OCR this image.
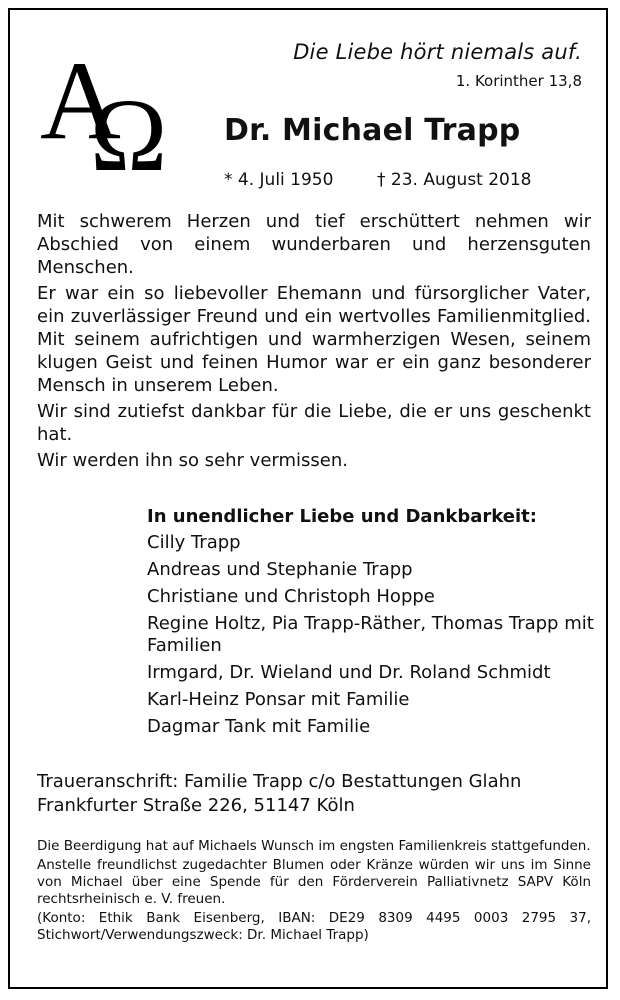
A
Ω
Die Liebe hört niemals auf.
1. Korinther 13,8
Dr. Michael Trapp
* 4. Juli 1950	† 23. August 2018

Mit schwerem Herzen und tief erschüttert nehmen wir Abschied von einem wunderbaren und herzensguten Menschen.

Er war ein so liebevoller Ehemann und fürsorglicher Vater, ein zuverlässiger Freund und ein wertvolles Familienmitglied. Mit seinem aufrichtigen und warmherzigen Wesen, seinem klugen Geist und feinen Humor war er ein ganz besonderer Mensch in unserem Leben.

Wir sind zutiefst dankbar für die Liebe, die er uns geschenkt hat.

Wir werden ihn so sehr vermissen.

In unendlicher Liebe und Dankbarkeit:
Cilly Trapp
Andreas und Stephanie Trapp
Christiane und Christoph Hoppe
Regine Holtz, Pia Trapp-Räther, Thomas Trapp mit Familien
Irmgard, Dr. Wieland und Dr. Roland Schmidt
Karl-Heinz Ponsar mit Familie
Dagmar Tank mit Familie
Traueranschrift: Familie Trapp c/o Bestattungen Glahn
Frankfurter Straße 226, 51147 Köln

Die Beerdigung hat auf Michaels Wunsch im engsten Familienkreis stattgefunden.

Anstelle freundlichst zugedachter Blumen oder Kränze würden wir uns im Sinne von Michael über eine Spende für den Förderverein Palliativnetz SAPV Köln rechtsrheinisch e. V. freuen.

(Konto: Ethik Bank Eisenberg, IBAN: DE29 8309 4495 0003 2795 37, Stichwort/Verwendungszweck: Dr. Michael Trapp)
